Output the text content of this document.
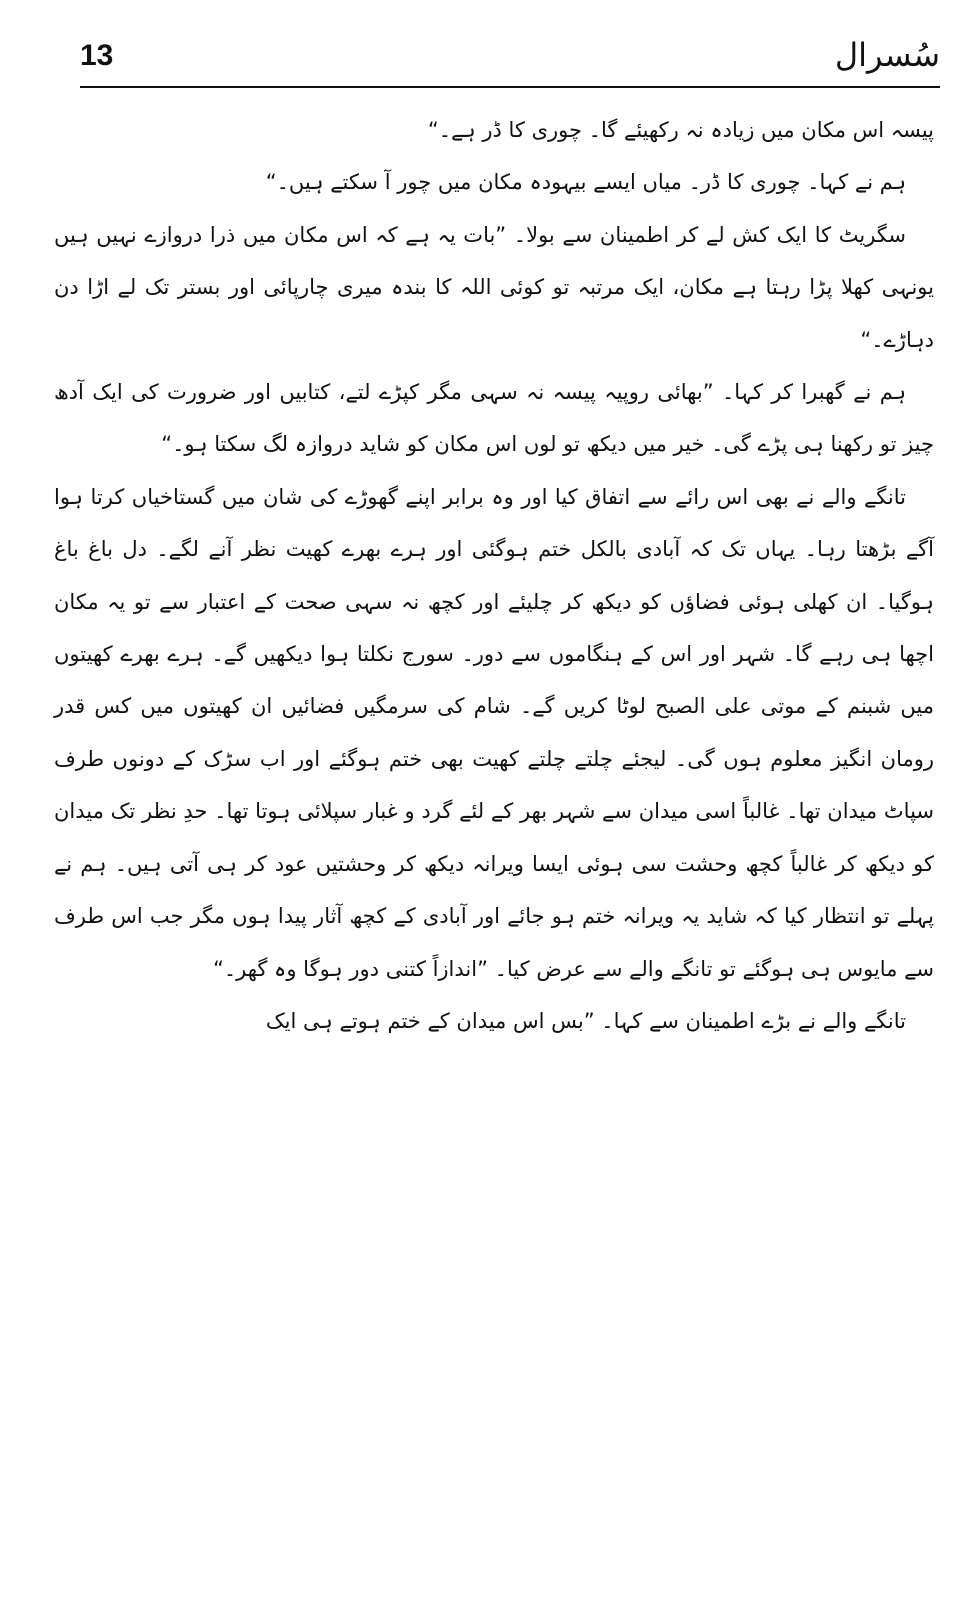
13	سُسرال

پیسہ اس مکان میں زیادہ نہ رکھیئے گا۔ چوری کا ڈر ہے۔“

ہم نے کہا۔ چوری کا ڈر۔ میاں ایسے بیہودہ مکان میں چور آ سکتے ہیں۔“

سگریٹ کا ایک کش لے کر اطمینان سے بولا۔ ”بات یہ ہے کہ اس مکان میں ذرا دروازے نہیں ہیں یونہی کھلا پڑا رہتا ہے مکان، ایک مرتبہ تو کوئی اللہ کا بندہ میری چارپائی اور بستر تک لے اڑا دن دہاڑے۔“

ہم نے گھبرا کر کہا۔ ”بھائی روپیہ پیسہ نہ سہی مگر کپڑے لتے، کتابیں اور ضرورت کی ایک آدھ چیز تو رکھنا ہی پڑے گی۔ خیر میں دیکھ تو لوں اس مکان کو شاید دروازہ لگ سکتا ہو۔“

تانگے والے نے بھی اس رائے سے اتفاق کیا اور وہ برابر اپنے گھوڑے کی شان میں گستاخیاں کرتا ہوا آگے بڑھتا رہا۔ یہاں تک کہ آبادی بالکل ختم ہوگئی اور ہرے بھرے کھیت نظر آنے لگے۔ دل باغ باغ ہوگیا۔ ان کھلی ہوئی فضاؤں کو دیکھ کر چلیئے اور کچھ نہ سہی صحت کے اعتبار سے تو یہ مکان اچھا ہی رہے گا۔ شہر اور اس کے ہنگاموں سے دور۔ سورج نکلتا ہوا دیکھیں گے۔ ہرے بھرے کھیتوں میں شبنم کے موتی علی الصبح لوٹا کریں گے۔ شام کی سرمگیں فضائیں ان کھیتوں میں کس قدر رومان انگیز معلوم ہوں گی۔ لیجئے چلتے چلتے کھیت بھی ختم ہوگئے اور اب سڑک کے دونوں طرف سپاٹ میدان تھا۔ غالباً اسی میدان سے شہر بھر کے لئے گرد و غبار سپلائی ہوتا تھا۔ حدِ نظر تک میدان کو دیکھ کر غالباً کچھ وحشت سی ہوئی ایسا ویرانہ دیکھ کر وحشتیں عود کر ہی آتی ہیں۔ ہم نے پہلے تو انتظار کیا کہ شاید یہ ویرانہ ختم ہو جائے اور آبادی کے کچھ آثار پیدا ہوں مگر جب اس طرف سے مایوس ہی ہوگئے تو تانگے والے سے عرض کیا۔ ”اندازاً کتنی دور ہوگا وہ گھر۔“

تانگے والے نے بڑے اطمینان سے کہا۔ ”بس اس میدان کے ختم ہوتے ہی ایک
